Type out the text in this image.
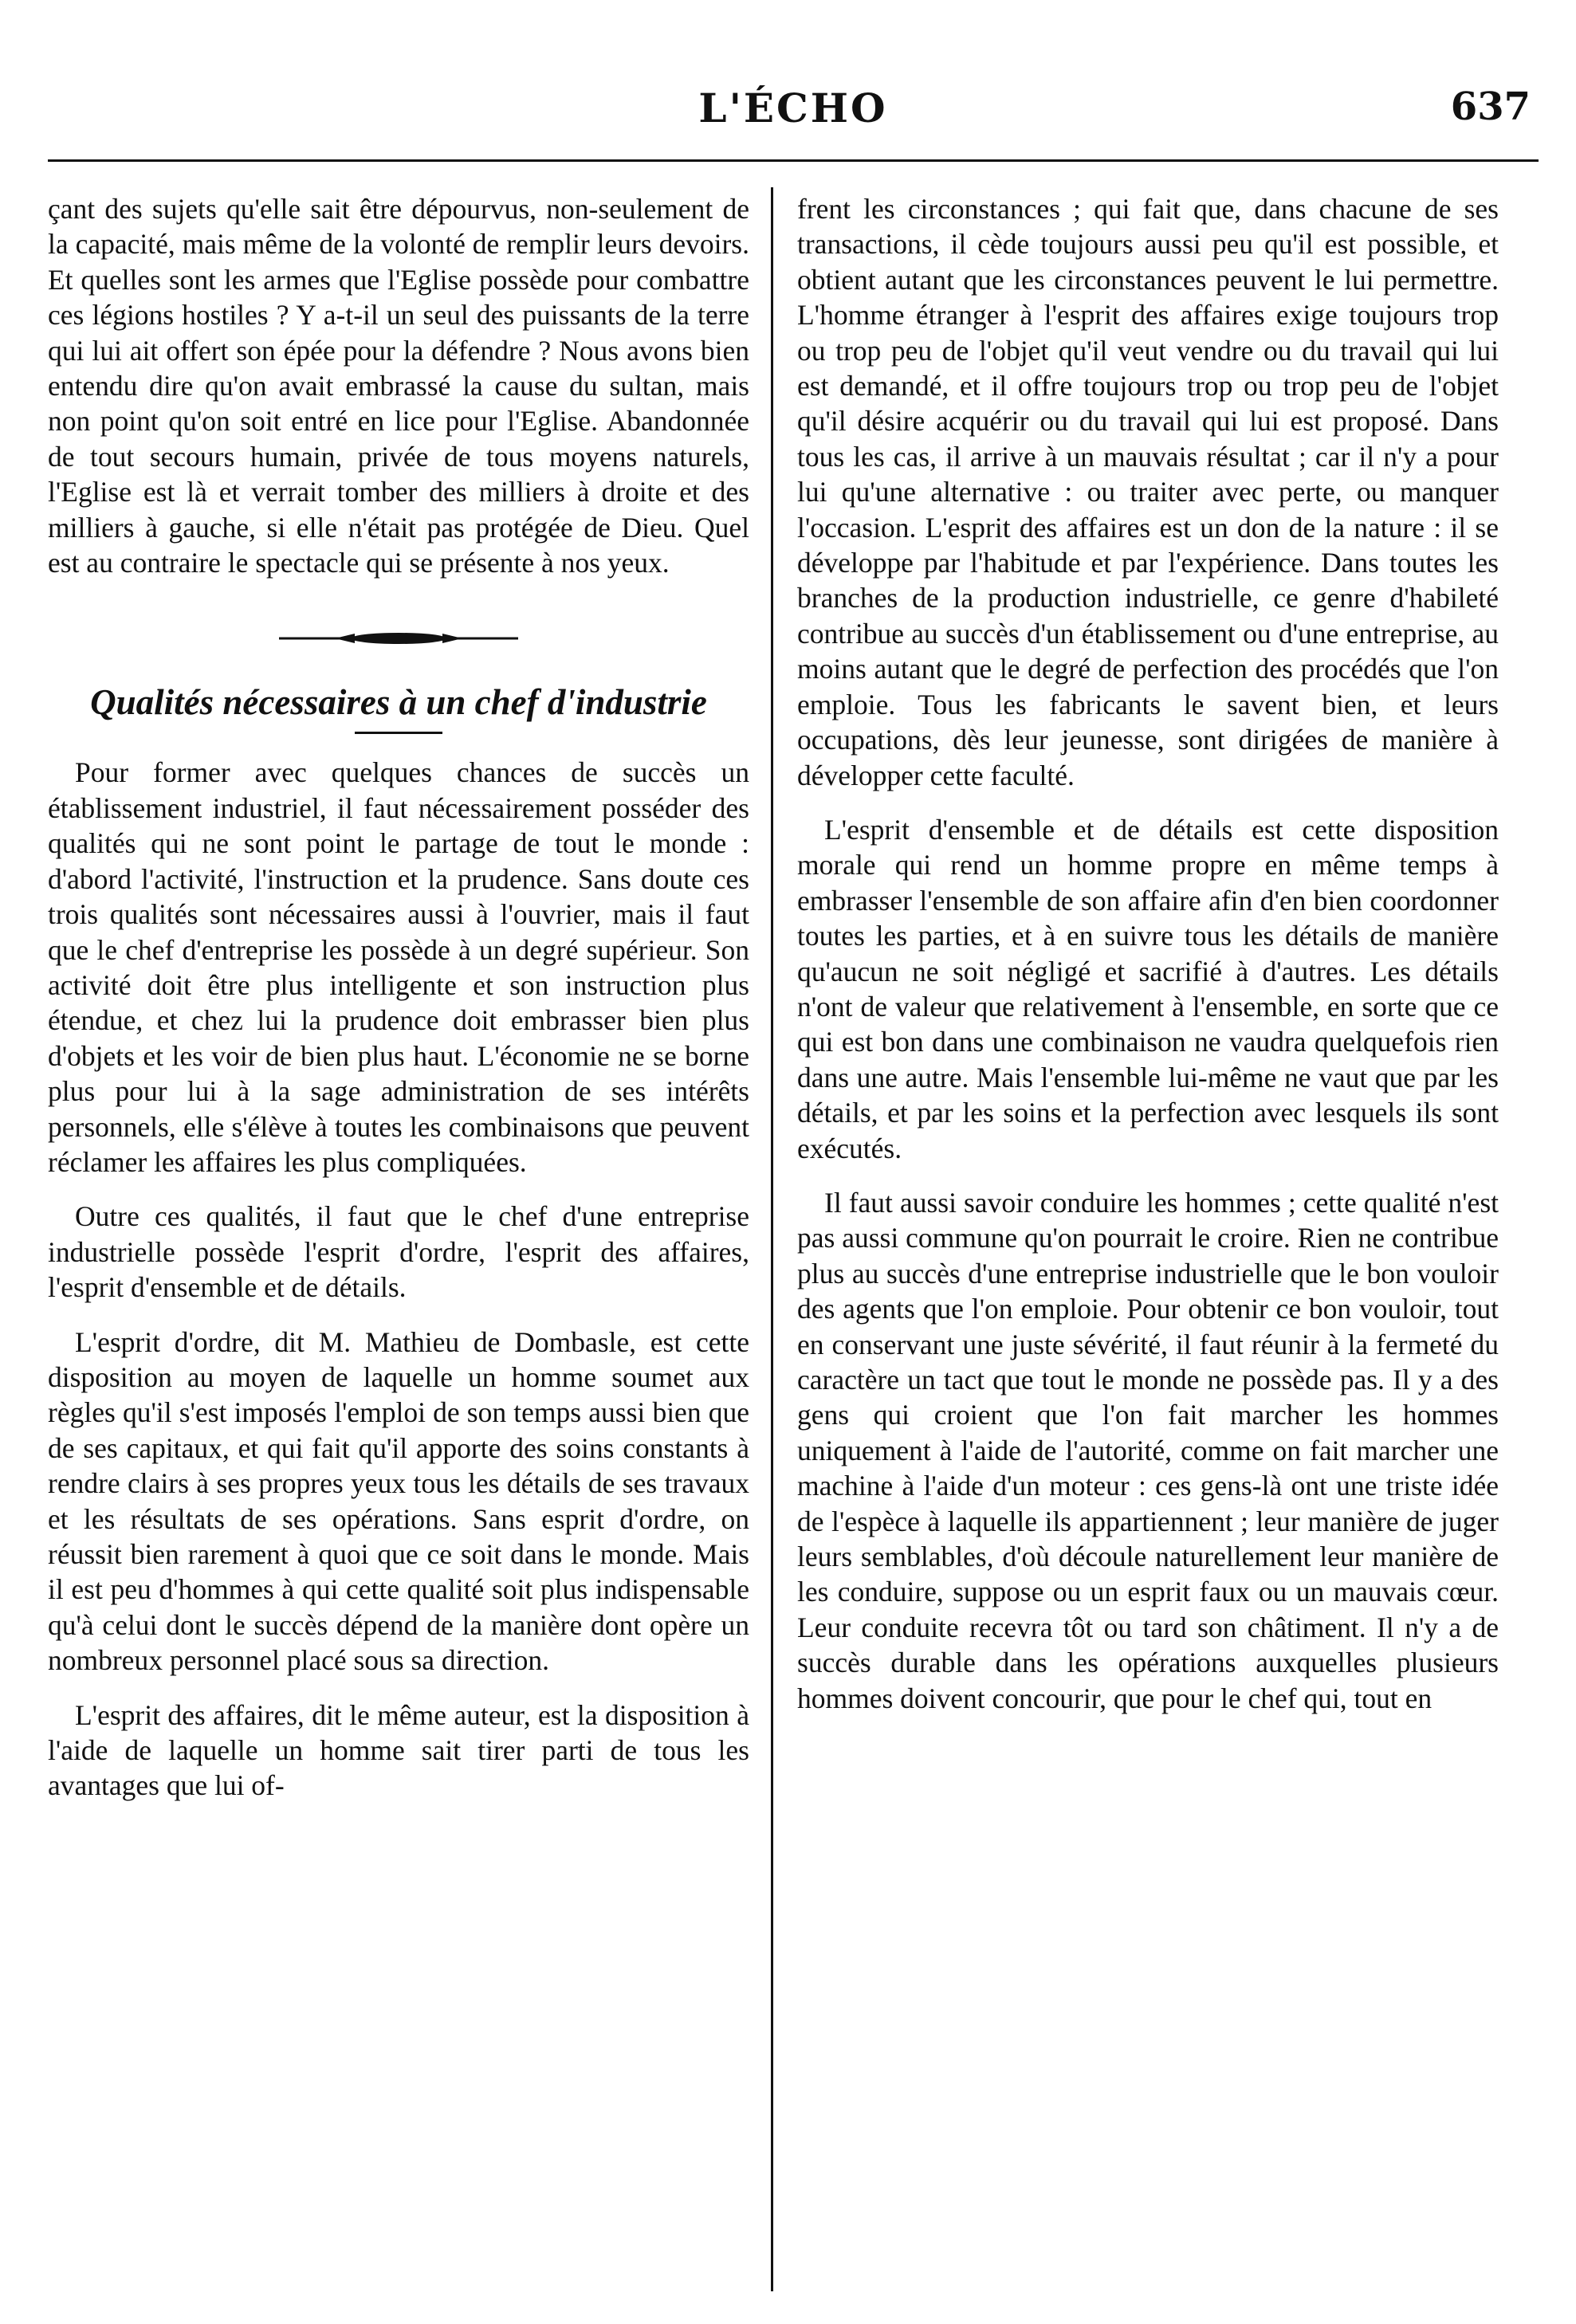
L'ÉCHO	637

çant des sujets qu'elle sait être dépourvus, non-seulement de la capacité, mais même de la volonté de remplir leurs devoirs. Et quelles sont les armes que l'Eglise possède pour combattre ces légions hostiles ? Y a-t-il un seul des puissants de la terre qui lui ait offert son épée pour la défendre ? Nous avons bien entendu dire qu'on avait embrassé la cause du sultan, mais non point qu'on soit entré en lice pour l'Eglise. Abandonnée de tout secours humain, privée de tous moyens naturels, l'Eglise est là et verrait tomber des milliers à droite et des milliers à gauche, si elle n'était pas protégée de Dieu. Quel est au contraire le spectacle qui se présente à nos yeux.

Qualités nécessaires à un chef d'industrie

Pour former avec quelques chances de succès un établissement industriel, il faut nécessairement posséder des qualités qui ne sont point le partage de tout le monde : d'abord l'activité, l'instruction et la prudence. Sans doute ces trois qualités sont nécessaires aussi à l'ouvrier, mais il faut que le chef d'entreprise les possède à un degré supérieur. Son activité doit être plus intelligente et son instruction plus étendue, et chez lui la prudence doit embrasser bien plus d'objets et les voir de bien plus haut. L'économie ne se borne plus pour lui à la sage administration de ses intérêts personnels, elle s'élève à toutes les combinaisons que peuvent réclamer les affaires les plus compliquées.

Outre ces qualités, il faut que le chef d'une entreprise industrielle possède l'esprit d'ordre, l'esprit des affaires, l'esprit d'ensemble et de détails.

L'esprit d'ordre, dit M. Mathieu de Dombasle, est cette disposition au moyen de laquelle un homme soumet aux règles qu'il s'est imposés l'emploi de son temps aussi bien que de ses capitaux, et qui fait qu'il apporte des soins constants à rendre clairs à ses propres yeux tous les détails de ses travaux et les résultats de ses opérations. Sans esprit d'ordre, on réussit bien rarement à quoi que ce soit dans le monde. Mais il est peu d'hommes à qui cette qualité soit plus indispensable qu'à celui dont le succès dépend de la manière dont opère un nombreux personnel placé sous sa direction.

L'esprit des affaires, dit le même auteur, est la disposition à l'aide de laquelle un homme sait tirer parti de tous les avantages que lui of-

frent les circonstances ; qui fait que, dans chacune de ses transactions, il cède toujours aussi peu qu'il est possible, et obtient autant que les circonstances peuvent le lui permettre. L'homme étranger à l'esprit des affaires exige toujours trop ou trop peu de l'objet qu'il veut vendre ou du travail qui lui est demandé, et il offre toujours trop ou trop peu de l'objet qu'il désire acquérir ou du travail qui lui est proposé. Dans tous les cas, il arrive à un mauvais résultat ; car il n'y a pour lui qu'une alternative : ou traiter avec perte, ou manquer l'occasion. L'esprit des affaires est un don de la nature : il se développe par l'habitude et par l'expérience. Dans toutes les branches de la production industrielle, ce genre d'habileté contribue au succès d'un établissement ou d'une entreprise, au moins autant que le degré de perfection des procédés que l'on emploie. Tous les fabricants le savent bien, et leurs occupations, dès leur jeunesse, sont dirigées de manière à développer cette faculté.

L'esprit d'ensemble et de détails est cette disposition morale qui rend un homme propre en même temps à embrasser l'ensemble de son affaire afin d'en bien coordonner toutes les parties, et à en suivre tous les détails de manière qu'aucun ne soit négligé et sacrifié à d'autres. Les détails n'ont de valeur que relativement à l'ensemble, en sorte que ce qui est bon dans une combinaison ne vaudra quelquefois rien dans une autre. Mais l'ensemble lui-même ne vaut que par les détails, et par les soins et la perfection avec lesquels ils sont exécutés.

Il faut aussi savoir conduire les hommes ; cette qualité n'est pas aussi commune qu'on pourrait le croire. Rien ne contribue plus au succès d'une entreprise industrielle que le bon vouloir des agents que l'on emploie. Pour obtenir ce bon vouloir, tout en conservant une juste sévérité, il faut réunir à la fermeté du caractère un tact que tout le monde ne possède pas. Il y a des gens qui croient que l'on fait marcher les hommes uniquement à l'aide de l'autorité, comme on fait marcher une machine à l'aide d'un moteur : ces gens-là ont une triste idée de l'espèce à laquelle ils appartiennent ; leur manière de juger leurs semblables, d'où découle naturellement leur manière de les conduire, suppose ou un esprit faux ou un mauvais cœur. Leur conduite recevra tôt ou tard son châtiment. Il n'y a de succès durable dans les opérations auxquelles plusieurs hommes doivent concourir, que pour le chef qui, tout en
